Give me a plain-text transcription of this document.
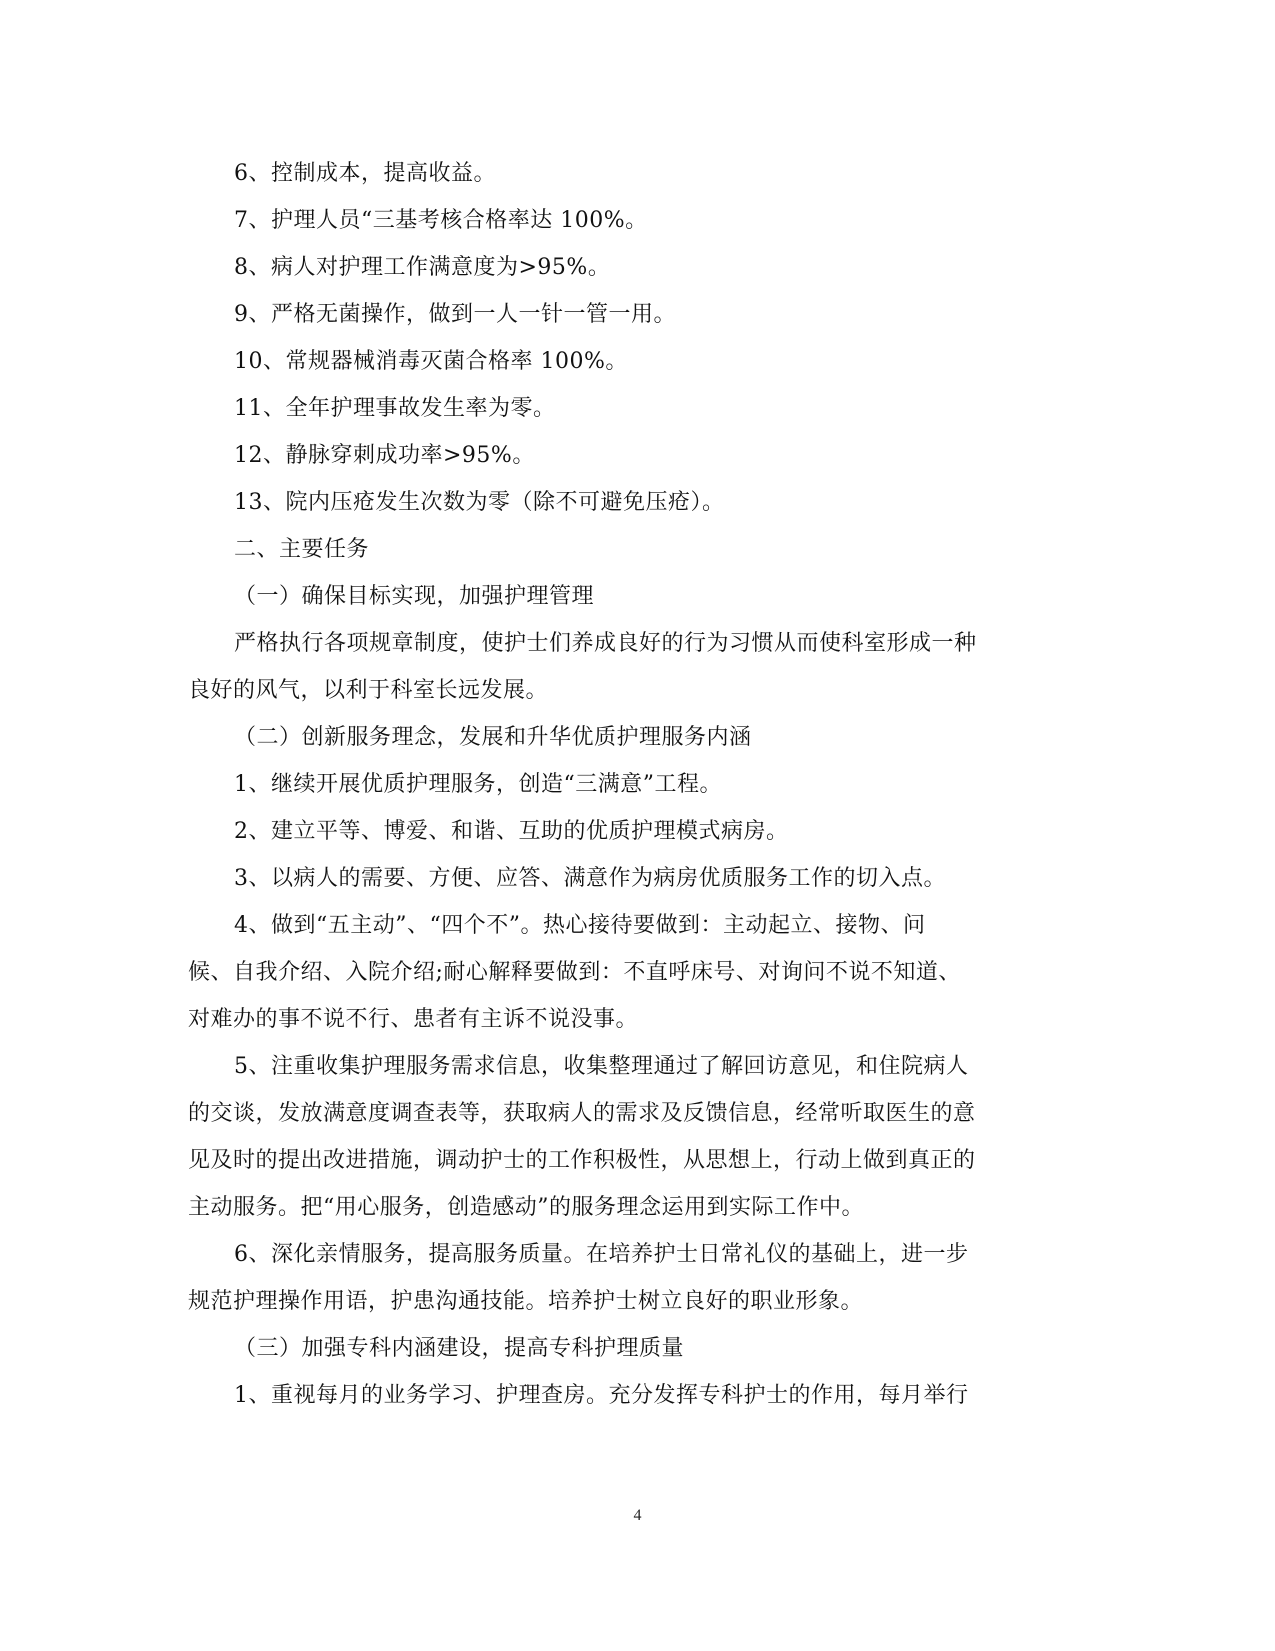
6、控制成本，提高收益。

7、护理人员“三基考核合格率达 100%。

8、病人对护理工作满意度为>95%。

9、严格无菌操作，做到一人一针一管一用。

10、常规器械消毒灭菌合格率 100%。

11、全年护理事故发生率为零。

12、静脉穿刺成功率>95%。

13、院内压疮发生次数为零（除不可避免压疮）。

二、主要任务

（一）确保目标实现，加强护理管理

严格执行各项规章制度，使护士们养成良好的行为习惯从而使科室形成一种

良好的风气，以利于科室长远发展。

（二）创新服务理念，发展和升华优质护理服务内涵

1、继续开展优质护理服务，创造“三满意”工程。

2、建立平等、博爱、和谐、互助的优质护理模式病房。

3、以病人的需要、方便、应答、满意作为病房优质服务工作的切入点。

4、做到“五主动”、“四个不”。热心接待要做到：主动起立、接物、问

候、自我介绍、入院介绍;耐心解释要做到：不直呼床号、对询问不说不知道、

对难办的事不说不行、患者有主诉不说没事。

5、注重收集护理服务需求信息，收集整理通过了解回访意见，和住院病人

的交谈，发放满意度调查表等，获取病人的需求及反馈信息，经常听取医生的意

见及时的提出改进措施，调动护士的工作积极性，从思想上，行动上做到真正的

主动服务。把“用心服务，创造感动”的服务理念运用到实际工作中。

6、深化亲情服务，提高服务质量。在培养护士日常礼仪的基础上，进一步

规范护理操作用语，护患沟通技能。培养护士树立良好的职业形象。

（三）加强专科内涵建设，提高专科护理质量

1、重视每月的业务学习、护理查房。充分发挥专科护士的作用，每月举行

4
